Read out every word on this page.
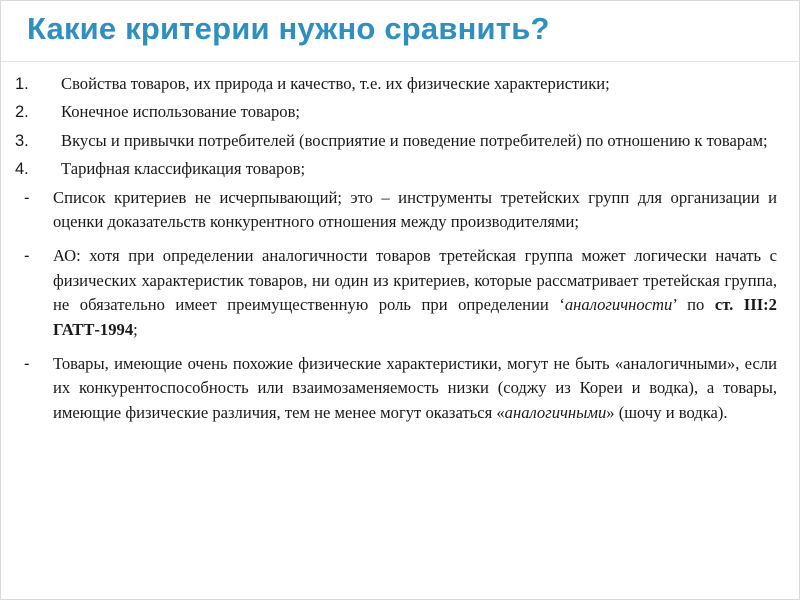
Какие критерии нужно сравнить?
1.	Свойства товаров, их природа и качество, т.е. их физические характеристики;
2.	Конечное использование товаров;
3.	Вкусы и привычки потребителей (восприятие и поведение потребителей) по отношению к товарам;
4.	Тарифная классификация товаров;
-	Список критериев не исчерпывающий; это – инструменты третейских групп для организации и оценки доказательств конкурентного отношения между производителями;
-	АО: хотя при определении аналогичности товаров третейская группа может логически начать с физических характеристик товаров, ни один из критериев, которые рассматривает третейская группа, не обязательно имеет преимущественную роль при определении ‘аналогичности’ по ст. III:2 ГАТТ-1994;
-	Товары, имеющие очень похожие физические характеристики, могут не быть «аналогичными», если их конкурентоспособность или взаимозаменяемость низки (соджу из Кореи и водка), а товары, имеющие физические различия, тем не менее могут оказаться «аналогичными» (шочу и водка).
